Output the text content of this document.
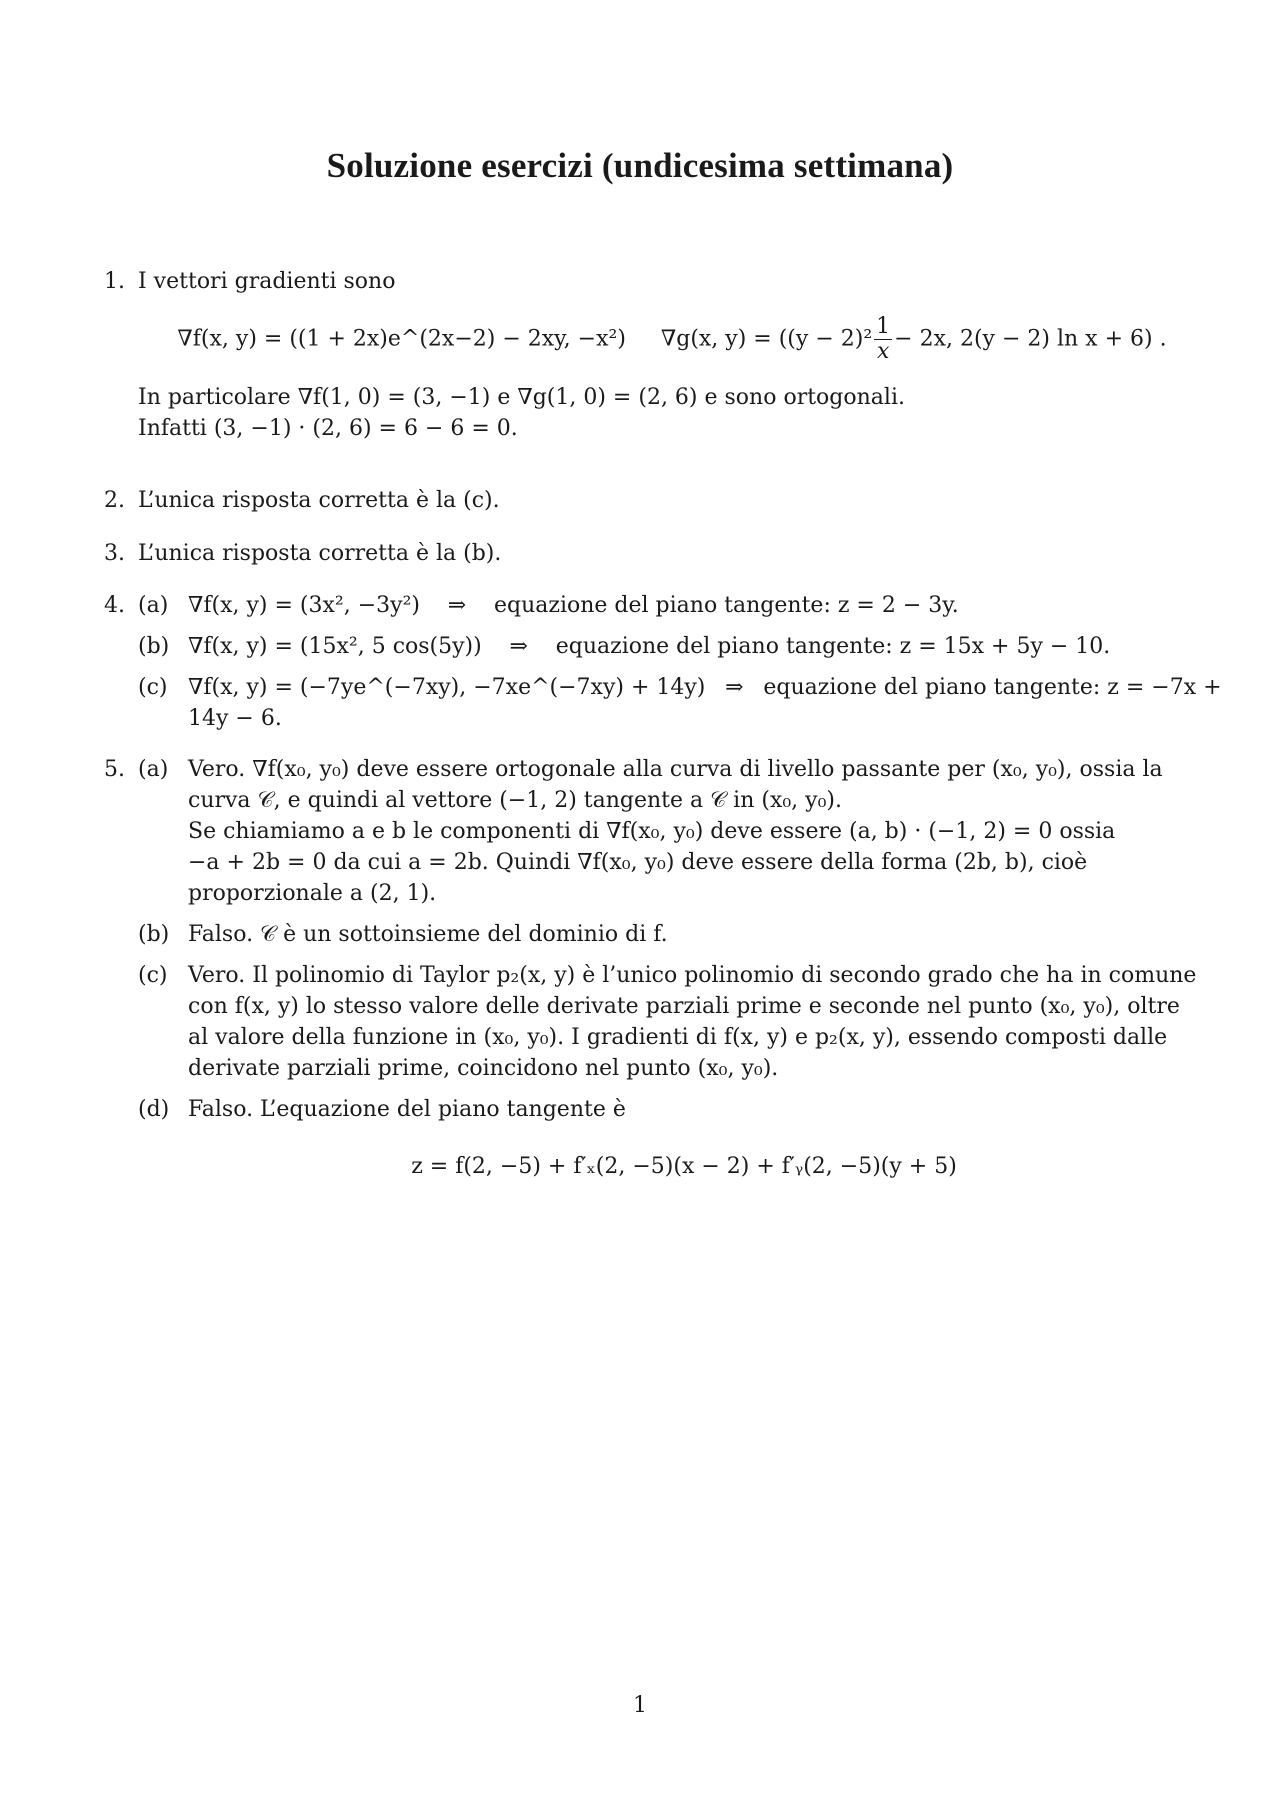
Soluzione esercizi (undicesima settimana)
1. I vettori gradienti sono
∇f(x, y) = ((1 + 2x)e^(2x−2) − 2xy, −x²) ∇g(x, $y) = ((y - 2)^2 \frac{1}{x} - 2x$, 2(y − 2) ln x + 6) .
In particolare ∇f(1, 0) = (3, −1) e ∇g(1, 0) = (2, 6) e sono ortogonali.
Infatti (3, −1) · (2, 6) = 6 − 6 = 0.
2. L’unica risposta corretta è la (c).
3. L’unica risposta corretta è la (b).
4. (a) ∇f(x, y) = (3x², −3y²) ⇒ equazione del piano tangente: z = 2 − 3y.
(b) ∇f(x, y) = (15x², 5 cos(5y)) ⇒ equazione del piano tangente: z = 15x + 5y − 10.
(c) ∇f(x, y) = (−7ye^(−7xy), −7xe^(−7xy) + 14y) ⇒ equazione del piano tangente: z = −7x +
14y − 6.
5. (a) Vero. ∇f(x₀, y₀) deve essere ortogonale alla curva di livello passante per (x₀, y₀), ossia la
curva 𝒞, e quindi al vettore (−1, 2) tangente a 𝒞 in (x₀, y₀).
Se chiamiamo a e b le componenti di ∇f(x₀, y₀) deve essere (a, b) · (−1, 2) = 0 ossia
−a + 2b = 0 da cui a = 2b. Quindi ∇f(x₀, y₀) deve essere della forma (2b, b), cioè
proporzionale a (2, 1).
(b) Falso. 𝒞 è un sottoinsieme del dominio di f.
(c) Vero. Il polinomio di Taylor p₂(x, y) è l’unico polinomio di secondo grado che ha in comune
con f(x, y) lo stesso valore delle derivate parziali prime e seconde nel punto (x₀, y₀), oltre
al valore della funzione in (x₀, y₀). I gradienti di f(x, y) e p₂(x, y), essendo composti dalle
derivate parziali prime, coincidono nel punto (x₀, y₀).
(d) Falso. L’equazione del piano tangente è
z = f(2, −5) + f′ₓ(2, −5)(x − 2) + f′ᵧ(2, −5)(y + 5)
1
